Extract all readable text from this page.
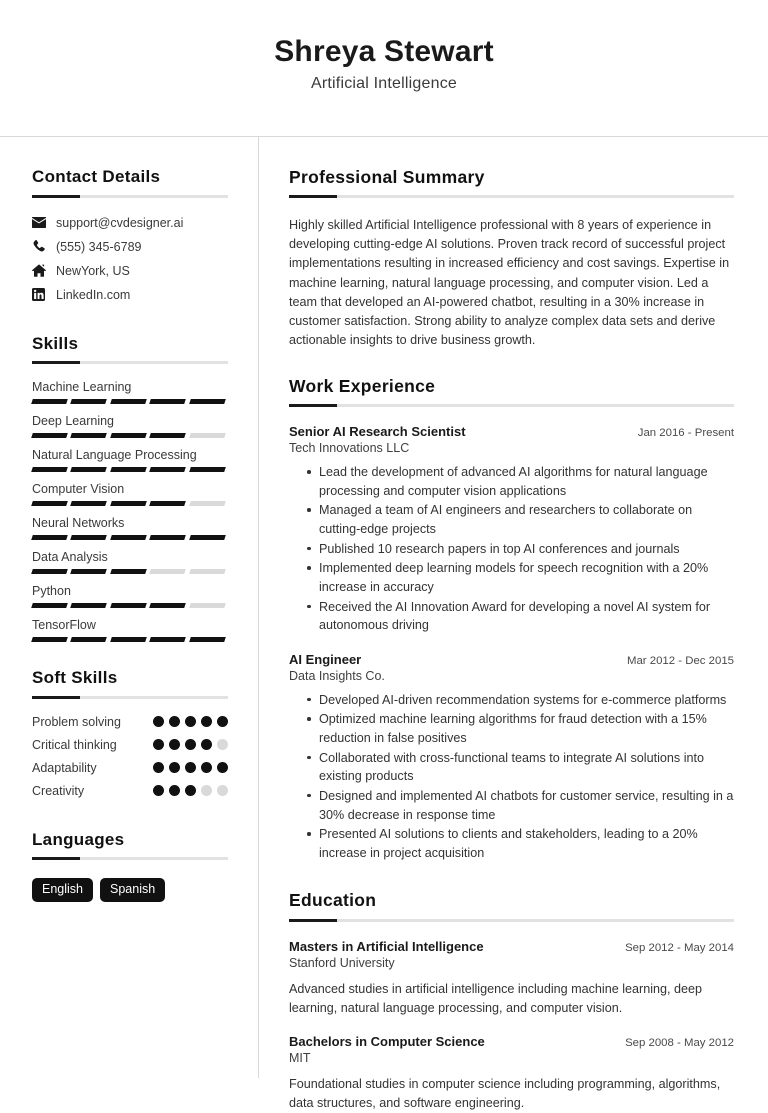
Shreya Stewart
Artificial Intelligence
Contact Details
support@cvdesigner.ai
(555) 345-6789
NewYork, US
LinkedIn.com
Skills
Machine Learning
Deep Learning
Natural Language Processing
Computer Vision
Neural Networks
Data Analysis
Python
TensorFlow
Soft Skills
Problem solving
Critical thinking
Adaptability
Creativity
Languages
English	Spanish
Professional Summary

Highly skilled Artificial Intelligence professional with 8 years of experience in developing cutting-edge AI solutions. Proven track record of successful project implementations resulting in increased efficiency and cost savings. Expertise in machine learning, natural language processing, and computer vision. Led a team that developed an AI-powered chatbot, resulting in a 30% increase in customer satisfaction. Strong ability to analyze complex data sets and derive actionable insights to drive business growth.

Work Experience
Senior AI Research Scientist	Jan 2016 - Present
Tech Innovations LLC
Lead the development of advanced AI algorithms for natural language processing and computer vision applications
Managed a team of AI engineers and researchers to collaborate on cutting-edge projects
Published 10 research papers in top AI conferences and journals
Implemented deep learning models for speech recognition with a 20% increase in accuracy
Received the AI Innovation Award for developing a novel AI system for autonomous driving
AI Engineer	Mar 2012 - Dec 2015
Data Insights Co.
Developed AI-driven recommendation systems for e-commerce platforms
Optimized machine learning algorithms for fraud detection with a 15% reduction in false positives
Collaborated with cross-functional teams to integrate AI solutions into existing products
Designed and implemented AI chatbots for customer service, resulting in a 30% decrease in response time
Presented AI solutions to clients and stakeholders, leading to a 20% increase in project acquisition
Education
Masters in Artificial Intelligence	Sep 2012 - May 2014
Stanford University

Advanced studies in artificial intelligence including machine learning, deep learning, natural language processing, and computer vision.

Bachelors in Computer Science	Sep 2008 - May 2012
MIT

Foundational studies in computer science including programming, algorithms, data structures, and software engineering.
